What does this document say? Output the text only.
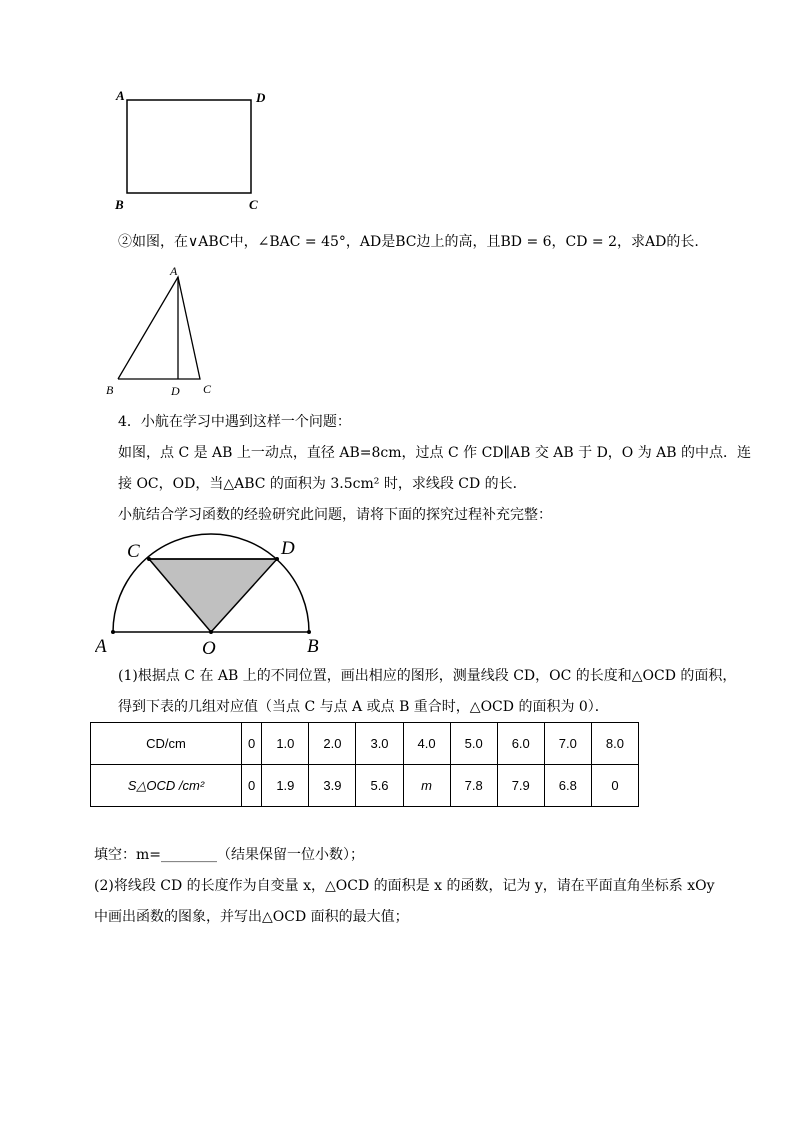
A	D
B	C
②如图，在∨ABC中，∠BAC = 45°，AD是BC边上的高，且BD = 6，CD = 2，求AD的长.
A
B	D C
4．小航在学习中遇到这样一个问题：
如图，点 C 是 AB 上一动点，直径 AB=8cm，过点 C 作 CD∥AB 交 AB 于 D，O 为 AB 的中点．连
接 OC，OD，当△ABC 的面积为 3.5cm² 时，求线段 CD 的长．
小航结合学习函数的经验研究此问题，请将下面的探究过程补充完整：
C	D
A	O	B
(1)根据点 C 在 AB 上的不同位置，画出相应的图形，测量线段 CD，OC 的长度和△OCD 的面积，
得到下表的几组对应值（当点 C 与点 A 或点 B 重合时，△OCD 的面积为 0）．
CD/cm	0	1.0	2.0	3.0	4.0	5.0	6.0	7.0	8.0
S△OCD /cm²	0	1.9	3.9	5.6	m	7.8	7.9	6.8	0
填空：m=________（结果保留一位小数）；
(2)将线段 CD 的长度作为自变量 x，△OCD 的面积是 x 的函数，记为 y，请在平面直角坐标系 xOy
中画出函数的图象，并写出△OCD 面积的最大值；
